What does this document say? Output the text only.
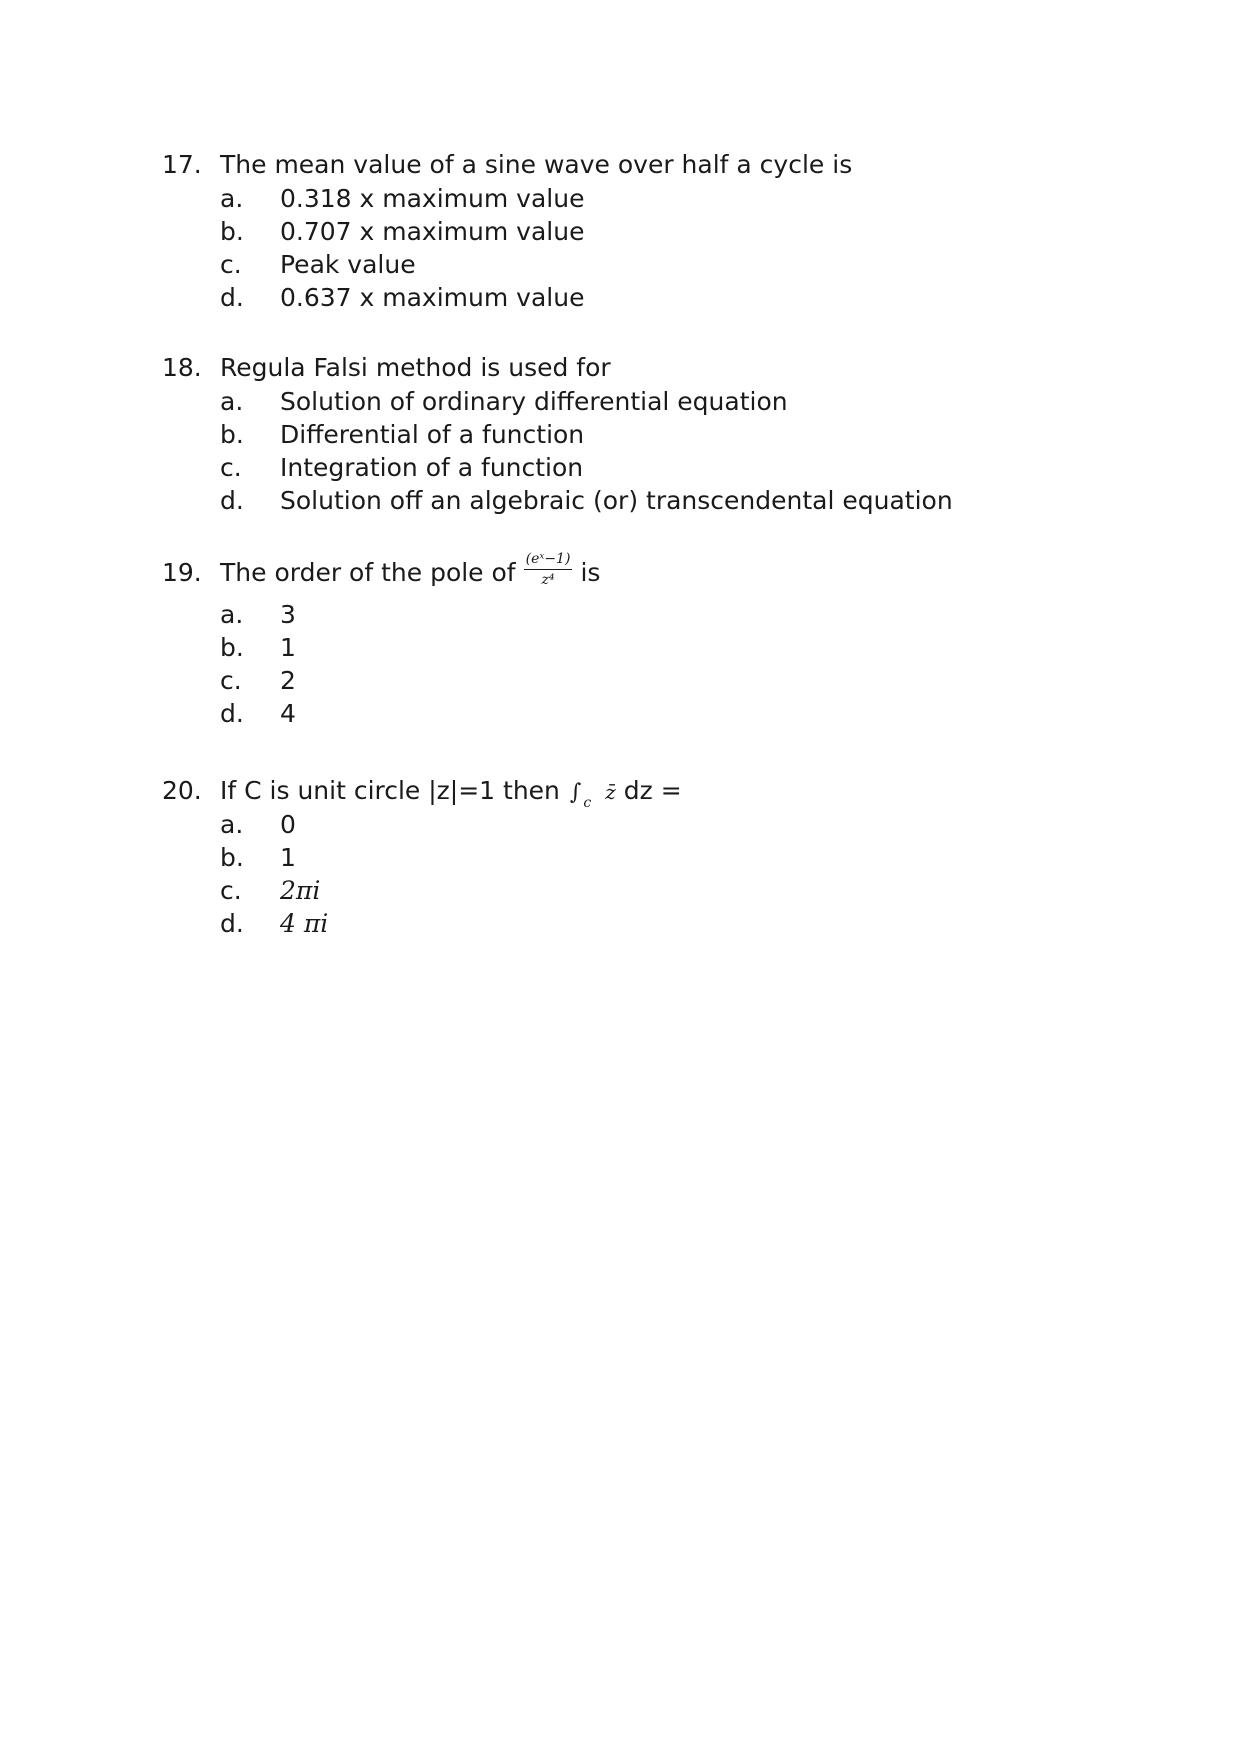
17. The mean value of a sine wave over half a cycle is
a. 0.318 x maximum value
b. 0.707 x maximum value
c. Peak value
d. 0.637 x maximum value
18. Regula Falsi method is used for
a. Solution of ordinary differential equation
b. Differential of a function
c. Integration of a function
d. Solution off an algebraic (or) transcendental equation
19. The order of the pole of $\frac{\text{(eˣ−1)}}{\text{z⁴}}$ is
a. 3
b. 1
c. 2
d. 4
20. If C is unit circle |z|=1 then ∫ $_c$ z̄ dz =
a. 0
b. 1
c. 2πi
d. 4 πi
